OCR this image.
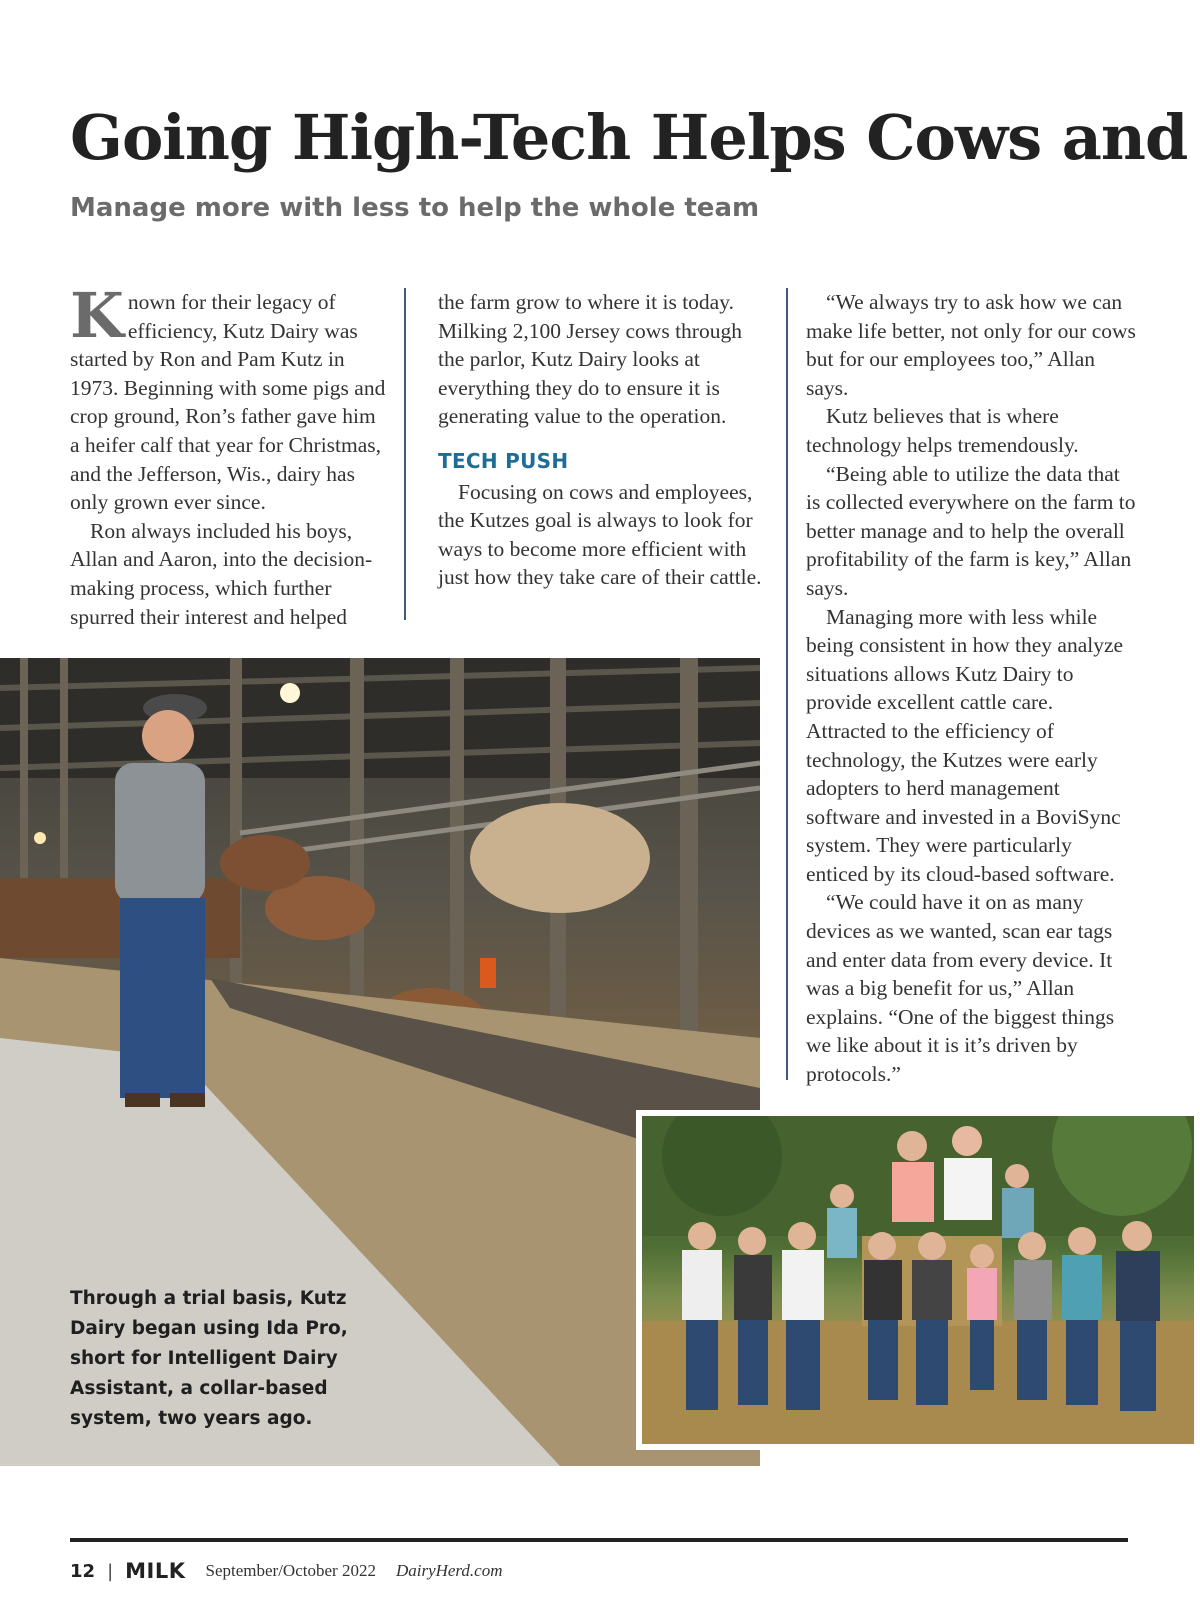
Going High-Tech Helps Cows and
Manage more with less to help the whole team

Known for their legacy of efficiency, Kutz Dairy was started by Ron and Pam Kutz in 1973. Beginning with some pigs and crop ground, Ron’s father gave him a heifer calf that year for Christmas, and the Jefferson, Wis., dairy has only grown ever since.

Ron always included his boys, Allan and Aaron, into the decision-making process, which further spurred their interest and helped

the farm grow to where it is today. Milking 2,100 Jersey cows through the parlor, Kutz Dairy looks at everything they do to ensure it is generating value to the operation.

TECH PUSH

Focusing on cows and employees, the Kutzes goal is always to look for ways to become more efficient with just how they take care of their cattle.

“We always try to ask how we can make life better, not only for our cows but for our employees too,” Allan says.

Kutz believes that is where technology helps tremendously.

“Being able to utilize the data that is collected everywhere on the farm to better manage and to help the overall profitability of the farm is key,” Allan says.

Managing more with less while being consistent in how they analyze situations allows Kutz Dairy to provide excellent cattle care. Attracted to the efficiency of technology, the Kutzes were early adopters to herd management software and invested in a BoviSync system. They were particularly enticed by its cloud-based software.

“We could have it on as many devices as we wanted, scan ear tags and enter data from every device. It was a big benefit for us,” Allan explains. “One of the biggest things we like about it is it’s driven by protocols.”

Through a trial basis, Kutz Dairy began using Ida Pro, short for Intelligent Dairy Assistant, a collar-based system, two years ago.
12 | MILK September/October 2022 DairyHerd.com
